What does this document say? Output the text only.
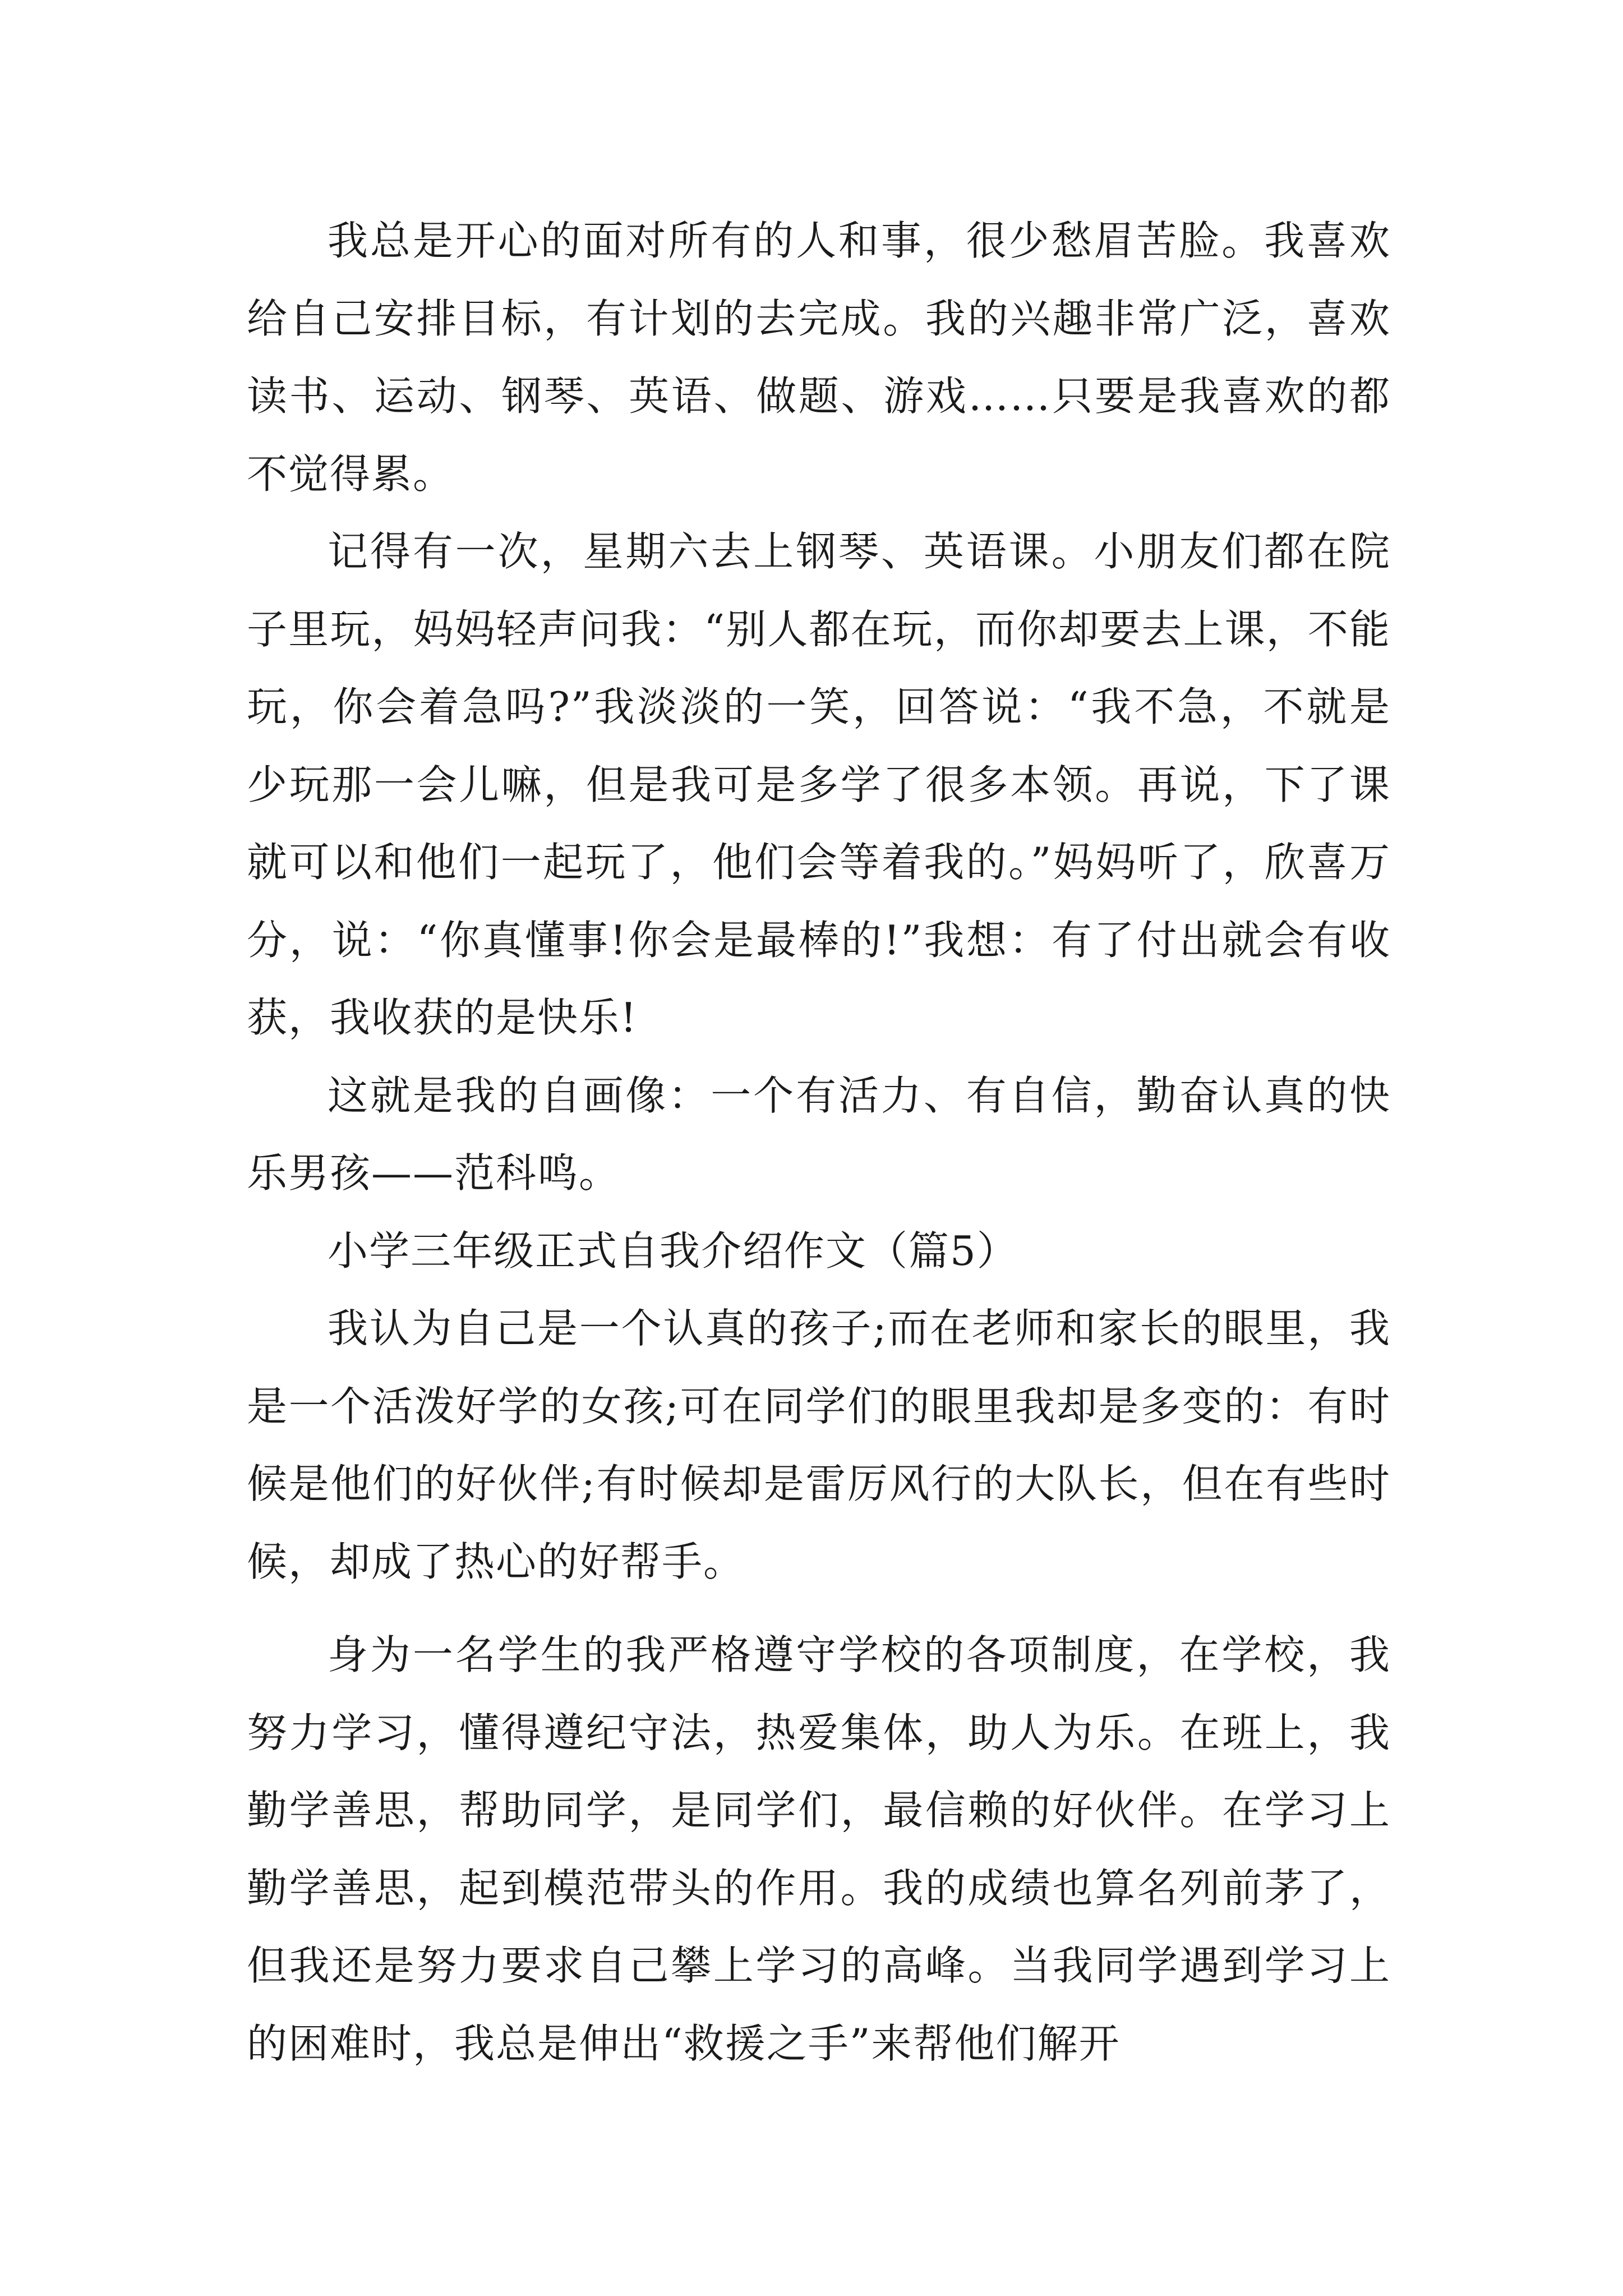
我总是开心的面对所有的人和事，很少愁眉苦脸。我喜欢给自己安排目标，有计划的去完成。我的兴趣非常广泛，喜欢读书、运动、钢琴、英语、做题、游戏……只要是我喜欢的都不觉得累。

记得有一次，星期六去上钢琴、英语课。小朋友们都在院子里玩，妈妈轻声问我：“别人都在玩，而你却要去上课，不能玩，你会着急吗?”我淡淡的一笑，回答说：“我不急，不就是少玩那一会儿嘛，但是我可是多学了很多本领。再说，下了课就可以和他们一起玩了，他们会等着我的。”妈妈听了，欣喜万分，说：“你真懂事!你会是最棒的!”我想：有了付出就会有收获，我收获的是快乐!

这就是我的自画像：一个有活力、有自信，勤奋认真的快乐男孩——范科鸣。

小学三年级正式自我介绍作文（篇5）

我认为自己是一个认真的孩子;而在老师和家长的眼里，我是一个活泼好学的女孩;可在同学们的眼里我却是多变的：有时候是他们的好伙伴;有时候却是雷厉风行的大队长，但在有些时候，却成了热心的好帮手。

身为一名学生的我严格遵守学校的各项制度，在学校，我努力学习，懂得遵纪守法，热爱集体，助人为乐。在班上，我勤学善思，帮助同学，是同学们，最信赖的好伙伴。在学习上勤学善思，起到模范带头的作用。我的成绩也算名列前茅了，但我还是努力要求自己攀上学习的高峰。当我同学遇到学习上的困难时，我总是伸出“救援之手”来帮他们解开
